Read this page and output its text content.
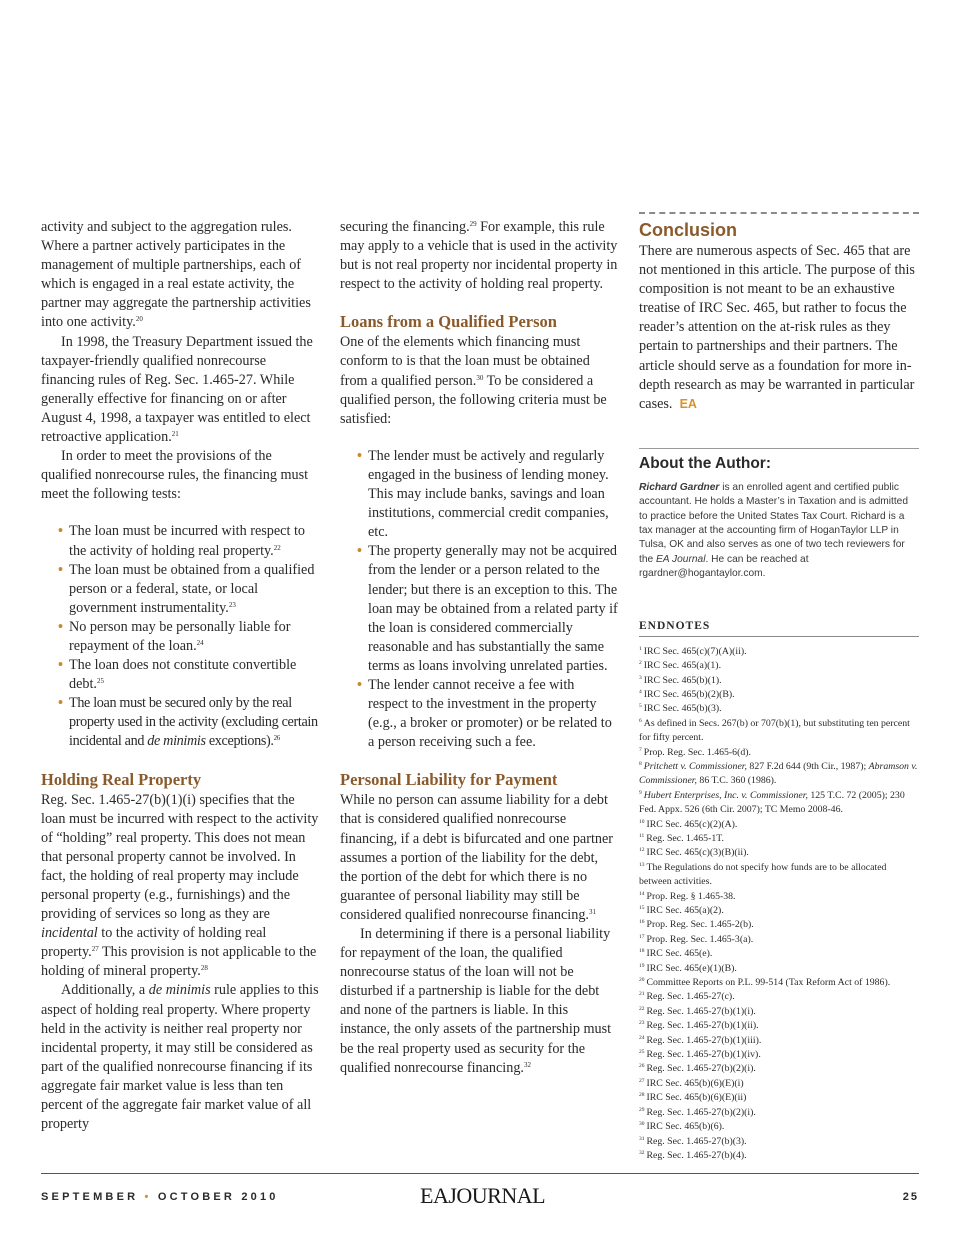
activity and subject to the aggregation rules. Where a partner actively participates in the management of multiple partnerships, each of which is engaged in a real estate activity, the partner may aggregate the partnership activities into one activity.$^{20}$

In 1998, the Treasury Department issued the taxpayer-friendly qualified nonrecourse financing rules of Reg. Sec. 1.465-27. While generally effective for financing on or after August 4, 1998, a taxpayer was entitled to elect retroactive application.$^{21}$

In order to meet the provisions of the qualified nonrecourse rules, the financing must meet the following tests:

• The loan must be incurred with respect to the activity of holding real property.$^{22}$
• The loan must be obtained from a qualified person or a federal, state, or local government instrumentality.$^{23}$
• No person may be personally liable for repayment of the loan.$^{24}$
• The loan does not constitute convertible debt.$^{25}$
• The loan must be secured only by the real property used in the activity (excluding certain incidental and de minimis exceptions).$^{26}$
Holding Real Property

Reg. Sec. 1.465-27(b)(1)(i) specifies that the loan must be incurred with respect to the activity of “holding” real property. This does not mean that personal property cannot be involved. In fact, the holding of real property may include personal property (e.g., furnishings) and the providing of services so long as they are incidental to the activity of holding real property.$^{27}$ This provision is not applicable to the holding of mineral property.$^{28}$

Additionally, a de minimis rule applies to this aspect of holding real property. Where property held in the activity is neither real property nor incidental property, it may still be considered as part of the qualified nonrecourse financing if its aggregate fair market value is less than ten percent of the aggregate fair market value of all property

securing the financing.$^{29}$ For example, this rule may apply to a vehicle that is used in the activity but is not real property nor incidental property in respect to the activity of holding real property.

Loans from a Qualified Person

One of the elements which financing must conform to is that the loan must be obtained from a qualified person.$^{30}$ To be considered a qualified person, the following criteria must be satisfied:

• The lender must be actively and regularly engaged in the business of lending money. This may include banks, savings and loan institutions, commercial credit companies, etc.
• The property generally may not be acquired from the lender or a person related to the lender; but there is an exception to this. The loan may be obtained from a related party if the loan is considered commercially reasonable and has substantially the same terms as loans involving unrelated parties.
• The lender cannot receive a fee with respect to the investment in the property (e.g., a broker or promoter) or be related to a person receiving such a fee.
Personal Liability for Payment

While no person can assume liability for a debt that is considered qualified nonrecourse financing, if a debt is bifurcated and one partner assumes a portion of the liability for the debt, the portion of the debt for which there is no guarantee of personal liability may still be considered qualified nonrecourse financing.$^{31}$

In determining if there is a personal liability for repayment of the loan, the qualified nonrecourse status of the loan will not be disturbed if a partnership is liable for the debt and none of the partners is liable. In this instance, the only assets of the partnership must be the real property used as security for the qualified nonrecourse financing.$^{32}$

Conclusion

There are numerous aspects of Sec. 465 that are not mentioned in this article. The purpose of this composition is not meant to be an exhaustive treatise of IRC Sec. 465, but rather to focus the reader’s attention on the at-risk rules as they pertain to partnerships and their partners. The article should serve as a foundation for more in-depth research as may be warranted in particular cases. EA

About the Author:

Richard Gardner is an enrolled agent and certified public accountant. He holds a Master’s in Taxation and is admitted to practice before the United States Tax Court. Richard is a tax manager at the accounting firm of HoganTaylor LLP in Tulsa, OK and also serves as one of two tech reviewers for the EA Journal. He can be reached at rgardner@hogantaylor.com.

ENDNOTES

$^1$ IRC Sec. 465(c)(7)(A)(ii).

$^2$ IRC Sec. 465(a)(1).

$^3$ IRC Sec. 465(b)(1).

$^4$ IRC Sec. 465(b)(2)(B).

$^5$ IRC Sec. 465(b)(3).

$^6$ As defined in Secs. 267(b) or 707(b)(1), but substituting ten percent for fifty percent.

$^7$ Prop. Reg. Sec. 1.465-6(d).

$^8$ Pritchett v. Commissioner, 827 F.2d 644 (9th Cir., 1987); Abramson v. Commissioner, 86 T.C. 360 (1986).

$^9$ Hubert Enterprises, Inc. v. Commissioner, 125 T.C. 72 (2005); 230 Fed. Appx. 526 (6th Cir. 2007); TC Memo 2008-46.

$^{10}$ IRC Sec. 465(c)(2)(A).

$^{11}$ Reg. Sec. 1.465-1T.

$^{12}$ IRC Sec. 465(c)(3)(B)(ii).

$^{13}$ The Regulations do not specify how funds are to be allocated between activities.

$^{14}$ Prop. Reg. § 1.465-38.

$^{15}$ IRC Sec. 465(a)(2).

$^{16}$ Prop. Reg. Sec. 1.465-2(b).

$^{17}$ Prop. Reg. Sec. 1.465-3(a).

$^{18}$ IRC Sec. 465(e).

$^{19}$ IRC Sec. 465(e)(1)(B).

$^{20}$ Committee Reports on P.L. 99-514 (Tax Reform Act of 1986).

$^{21}$ Reg. Sec. 1.465-27(c).

$^{22}$ Reg. Sec. 1.465-27(b)(1)(i).

$^{23}$ Reg. Sec. 1.465-27(b)(1)(ii).

$^{24}$ Reg. Sec. 1.465-27(b)(1)(iii).

$^{25}$ Reg. Sec. 1.465-27(b)(1)(iv).

$^{26}$ Reg. Sec. 1.465-27(b)(2)(i).

$^{27}$ IRC Sec. 465(b)(6)(E)(i)

$^{28}$ IRC Sec. 465(b)(6)(E)(ii)

$^{29}$ Reg. Sec. 1.465-27(b)(2)(i).

$^{30}$ IRC Sec. 465(b)(6).

$^{31}$ Reg. Sec. 1.465-27(b)(3).

$^{32}$ Reg. Sec. 1.465-27(b)(4).

SEPTEMBER • OCTOBER 2010	EAJOURNAL	25
